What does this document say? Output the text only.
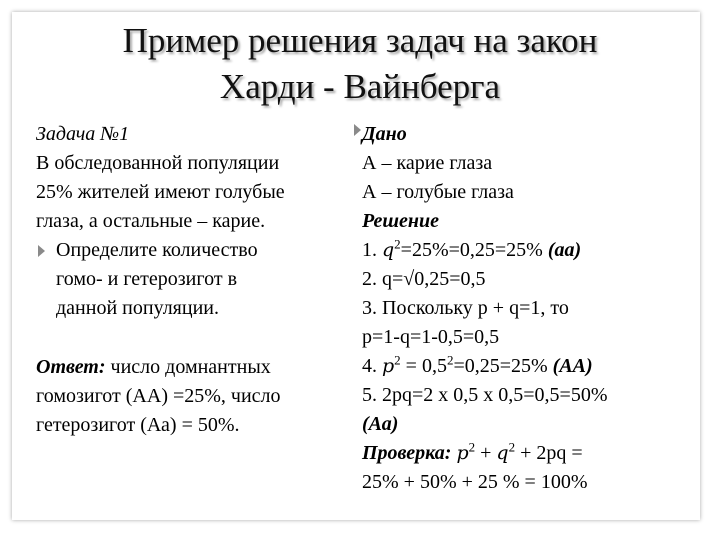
Пример решения задач на закон
Харди - Вайнберга

Задача №1

В обследованной популяции

25% жителей имеют голубые

глаза, а остальные – карие.

Определите количество

гомо- и гетерозигот в

данной популяции.

Ответ: число домнантных

гомозигот (АА) =25%, число

гетерозигот (Аа) = 50%.

Дано

А – карие глаза

А – голубые глаза

Решение

1. $q^2=25\%=0,25=25\%$ (аа)

2. q=√0,25=0,5

3. Поскольку р + q=1, то

р=1-q=1-0,5=0,5

4. $p^2 = 0,5^2=0,25=25\%$ (АА)

5. 2pq=2 х 0,5 х 0,5=0,5=50%

(Аа)

Проверка: $p^2 + q^2 + 2pq$ =

25% + 50% + 25 % = 100%
